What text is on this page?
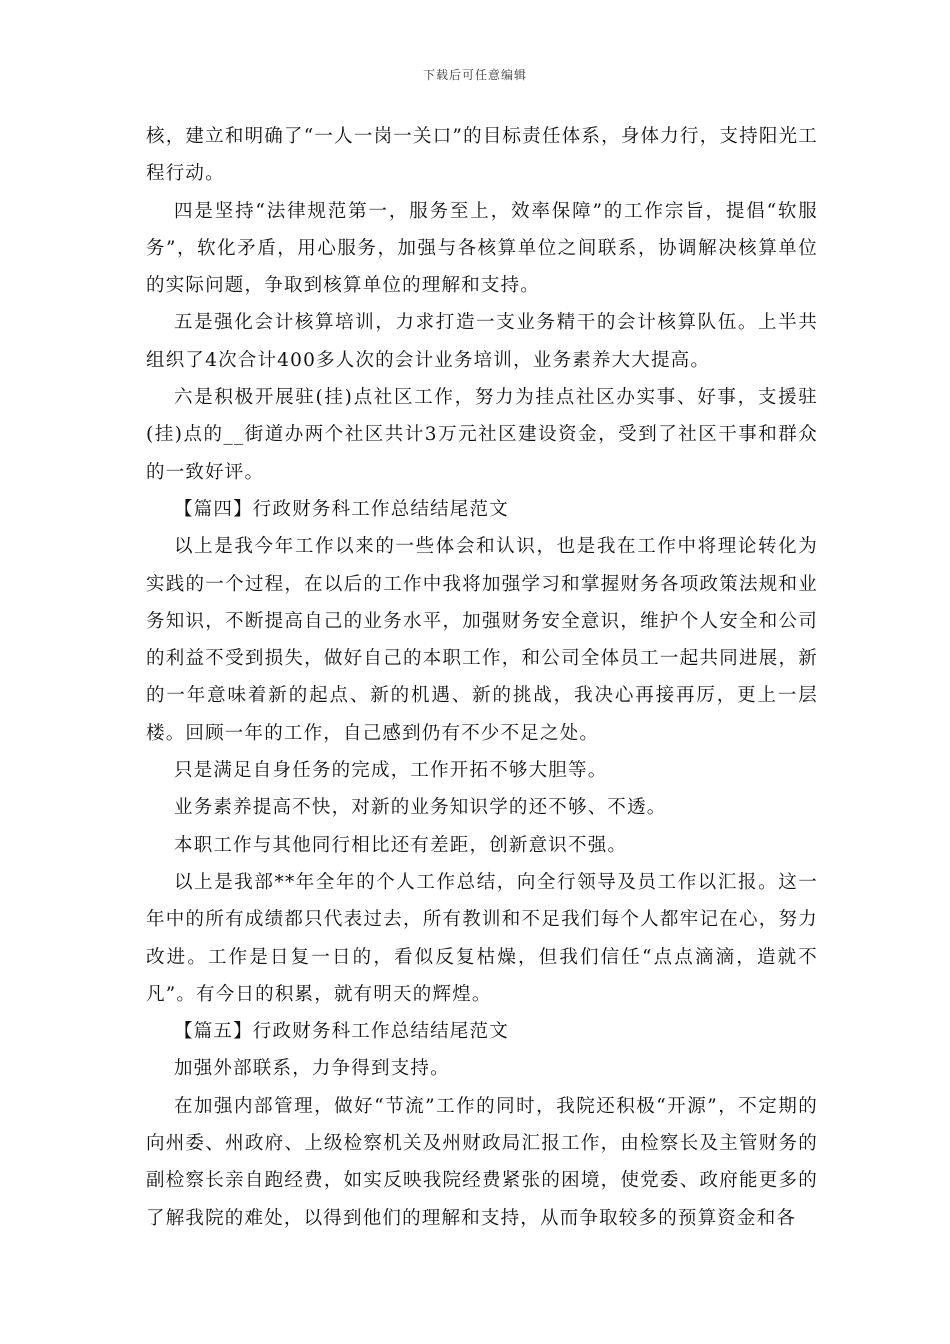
下载后可任意编辑

核，建立和明确了“一人一岗一关口”的目标责任体系，身体力行，支持阳光工程行动。

四是坚持“法律规范第一，服务至上，效率保障”的工作宗旨，提倡“软服务”，软化矛盾，用心服务，加强与各核算单位之间联系，协调解决核算单位的实际问题，争取到核算单位的理解和支持。

五是强化会计核算培训，力求打造一支业务精干的会计核算队伍。上半共组织了4次合计400多人次的会计业务培训，业务素养大大提高。

六是积极开展驻(挂)点社区工作，努力为挂点社区办实事、好事，支援驻(挂)点的__街道办两个社区共计3万元社区建设资金，受到了社区干事和群众的一致好评。

【篇四】行政财务科工作总结结尾范文

以上是我今年工作以来的一些体会和认识，也是我在工作中将理论转化为实践的一个过程，在以后的工作中我将加强学习和掌握财务各项政策法规和业务知识，不断提高自己的业务水平，加强财务安全意识，维护个人安全和公司的利益不受到损失，做好自己的本职工作，和公司全体员工一起共同进展，新的一年意味着新的起点、新的机遇、新的挑战，我决心再接再厉，更上一层楼。回顾一年的工作，自己感到仍有不少不足之处。

只是满足自身任务的完成，工作开拓不够大胆等。

业务素养提高不快，对新的业务知识学的还不够、不透。

本职工作与其他同行相比还有差距，创新意识不强。

以上是我部**年全年的个人工作总结，向全行领导及员工作以汇报。这一年中的所有成绩都只代表过去，所有教训和不足我们每个人都牢记在心，努力改进。工作是日复一日的，看似反复枯燥，但我们信任“点点滴滴，造就不凡”。有今日的积累，就有明天的辉煌。

【篇五】行政财务科工作总结结尾范文

加强外部联系，力争得到支持。

在加强内部管理，做好“节流”工作的同时，我院还积极“开源”，不定期的向州委、州政府、上级检察机关及州财政局汇报工作，由检察长及主管财务的副检察长亲自跑经费，如实反映我院经费紧张的困境，使党委、政府能更多的了解我院的难处，以得到他们的理解和支持，从而争取较多的预算资金和各
